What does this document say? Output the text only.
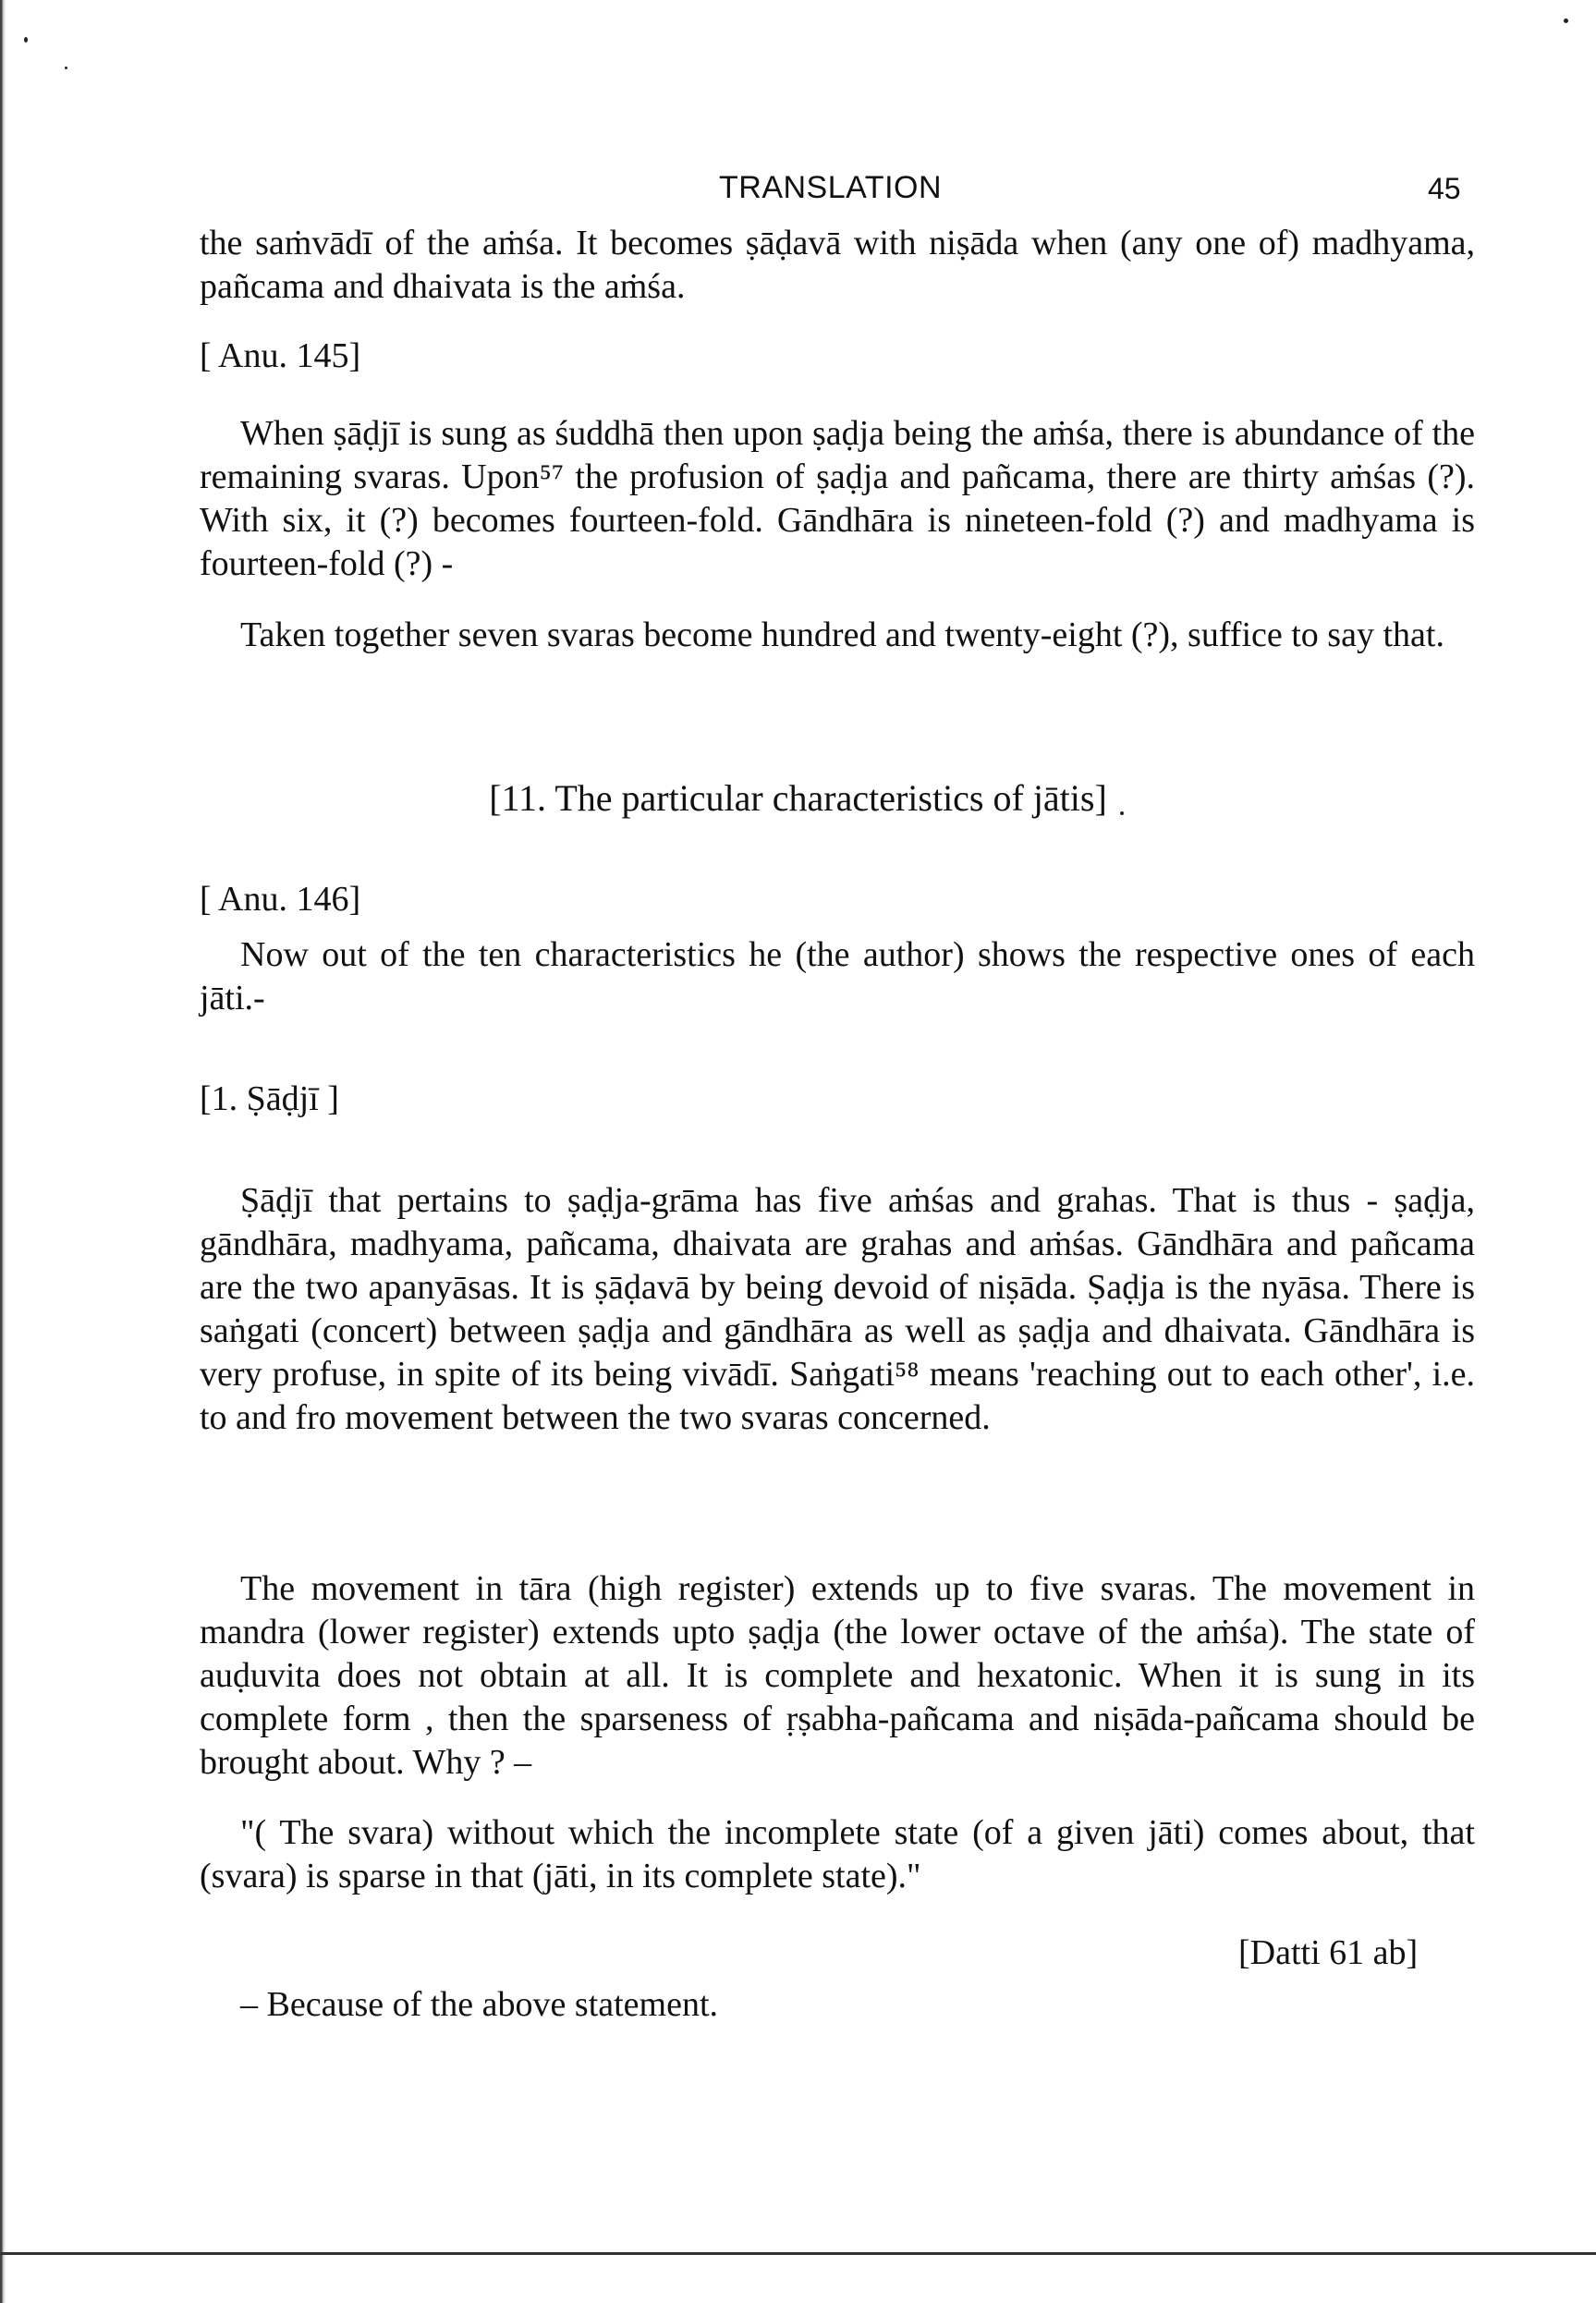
TRANSLATION	45

the saṁvādī of the aṁśa. It becomes ṣāḍavā with niṣāda when (any one of) madhyama, pañcama and dhaivata is the aṁśa.

[ Anu. 145]

When ṣāḍjī is sung as śuddhā then upon ṣaḍja being the aṁśa, there is abundance of the remaining svaras. Upon⁵⁷ the profusion of ṣaḍja and pañcama, there are thirty aṁśas (?). With six, it (?) becomes fourteen-fold. Gāndhāra is nineteen-fold (?) and madhyama is fourteen-fold (?) -

Taken together seven svaras become hundred and twenty-eight (?), suffice to say that.

[11. The particular characteristics of jātis]
[ Anu. 146]

Now out of the ten characteristics he (the author) shows the respective ones of each jāti.-

[1. Ṣāḍjī ]

Ṣāḍjī that pertains to ṣaḍja-grāma has five aṁśas and grahas. That is thus - ṣaḍja, gāndhāra, madhyama, pañcama, dhaivata are grahas and aṁśas. Gāndhāra and pañcama are the two apanyāsas. It is ṣāḍavā by being devoid of niṣāda. Ṣaḍja is the nyāsa. There is saṅgati (concert) between ṣaḍja and gāndhāra as well as ṣaḍja and dhaivata. Gāndhāra is very profuse, in spite of its being vivādī. Saṅgati⁵⁸ means 'reaching out to each other', i.e. to and fro movement between the two svaras concerned.

The movement in tāra (high register) extends up to five svaras. The movement in mandra (lower register) extends upto ṣaḍja (the lower octave of the aṁśa). The state of auḍuvita does not obtain at all. It is complete and hexatonic. When it is sung in its complete form , then the sparseness of ṛṣabha-pañcama and niṣāda-pañcama should be brought about. Why ? –

"( The svara) without which the incomplete state (of a given jāti) comes about, that (svara) is sparse in that (jāti, in its complete state)."

[Datti 61 ab]

– Because of the above statement.
